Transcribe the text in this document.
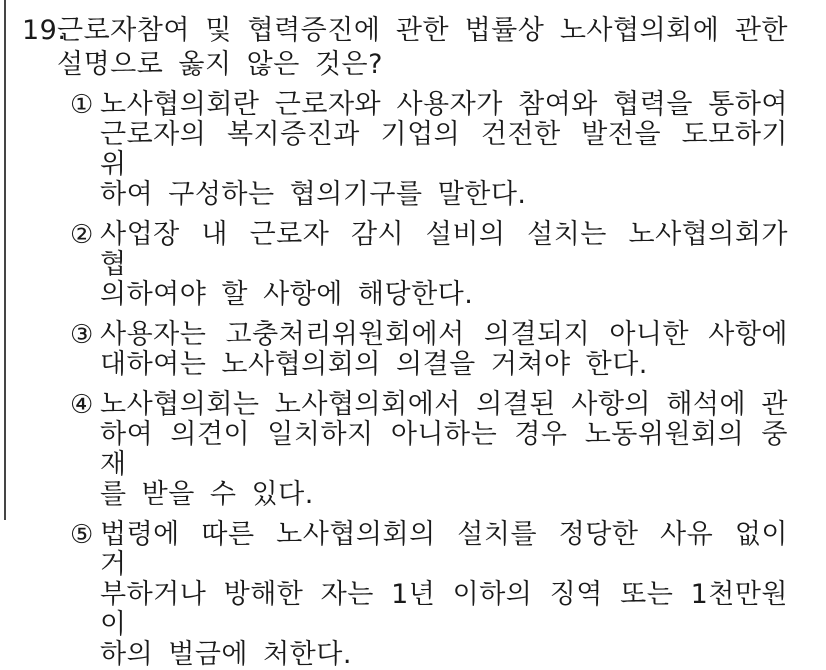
19.
근로자참여 및 협력증진에 관한 법률상 노사협의회에 관한
설명으로 옳지 않은 것은?
① 노사협의회란 근로자와 사용자가 참여와 협력을 통하여
근로자의 복지증진과 기업의 건전한 발전을 도모하기 위
하여 구성하는 협의기구를 말한다.
② 사업장 내 근로자 감시 설비의 설치는 노사협의회가 협
의하여야 할 사항에 해당한다.
③ 사용자는 고충처리위원회에서 의결되지 아니한 사항에
대하여는 노사협의회의 의결을 거쳐야 한다.
④ 노사협의회는 노사협의회에서 의결된 사항의 해석에 관
하여 의견이 일치하지 아니하는 경우 노동위원회의 중재
를 받을 수 있다.
⑤ 법령에 따른 노사협의회의 설치를 정당한 사유 없이 거
부하거나 방해한 자는 1년 이하의 징역 또는 1천만원 이
하의 벌금에 처한다.
